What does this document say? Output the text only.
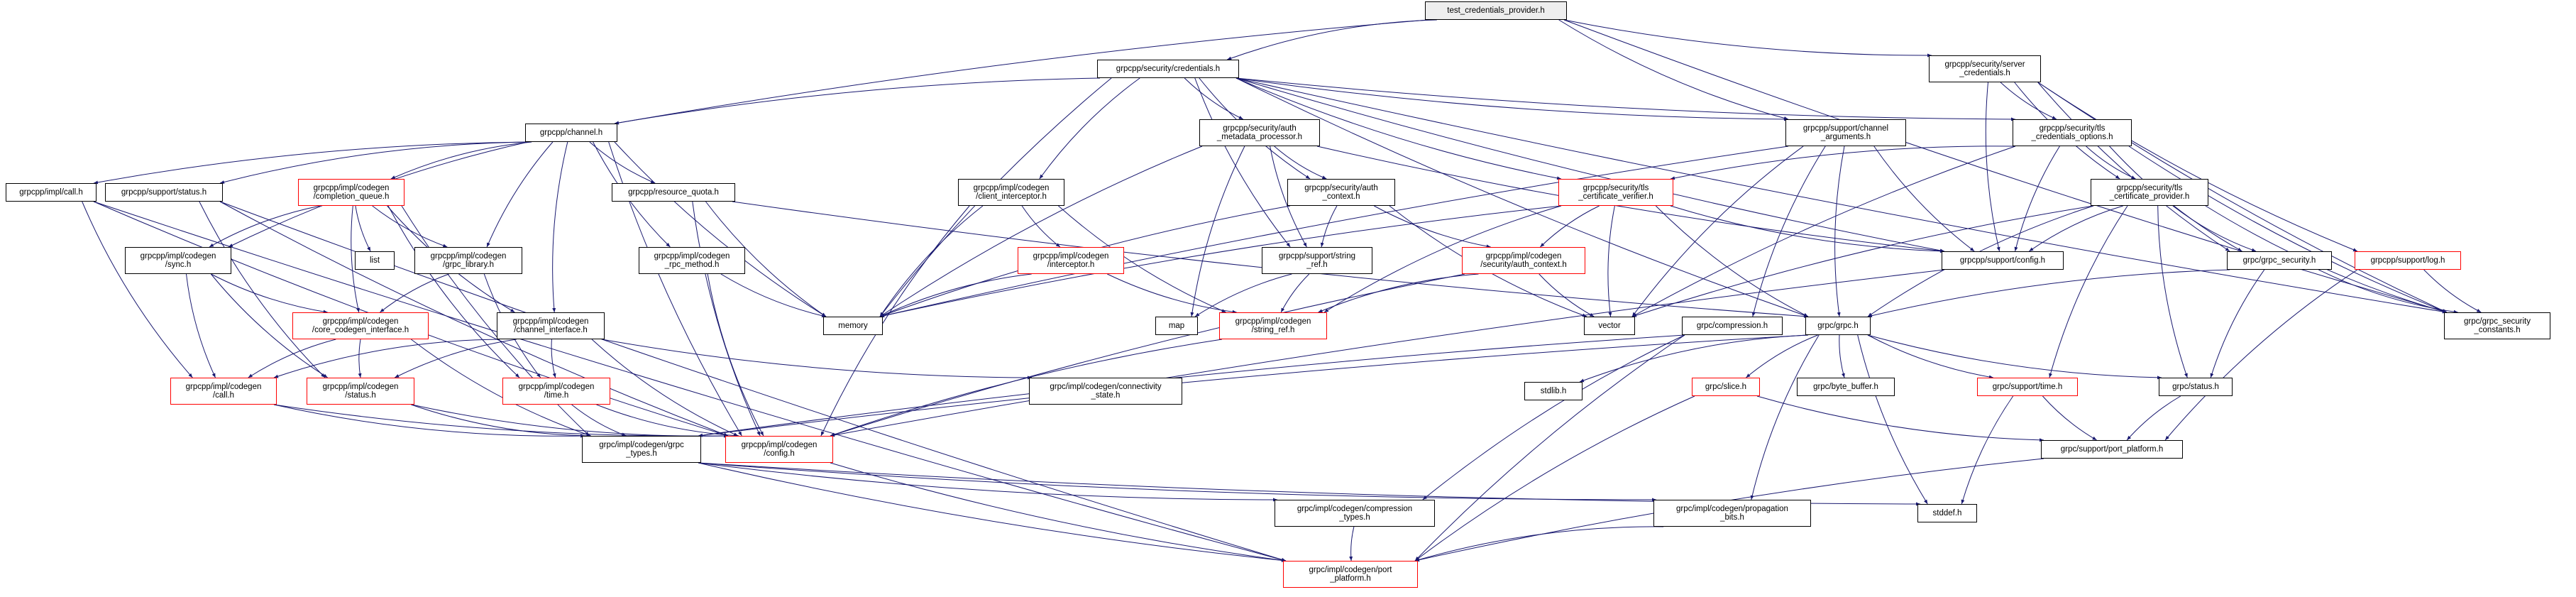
test_credentials_provider.h
grpcpp/security/credentials.h
grpcpp/security/server
_credentials.h
grpcpp/channel.h
grpcpp/security/auth
_metadata_processor.h
grpcpp/support/channel
_arguments.h
grpcpp/security/tls
_credentials_options.h
grpcpp/impl/call.h	grpcpp/support/status.h
grpcpp/impl/codegen
/completion_queue.h
grpcpp/resource_quota.h
grpcpp/impl/codegen
/client_interceptor.h
grpcpp/security/auth
_context.h
grpcpp/security/tls
_certificate_verifier.h
grpcpp/security/tls
_certificate_provider.h
grpcpp/impl/codegen
/sync.h
list
grpcpp/impl/codegen
/grpc_library.h
grpcpp/impl/codegen
_rpc_method.h
grpcpp/impl/codegen
/interceptor.h
grpcpp/support/string
_ref.h
grpcpp/impl/codegen
/security/auth_context.h
grpcpp/support/config.h	grpc/grpc_security.h	grpcpp/support/log.h
grpcpp/impl/codegen
/core_codegen_interface.h
grpcpp/impl/codegen
/channel_interface.h
memory	map
grpcpp/impl/codegen
/string_ref.h
vector	grpc/compression.h	grpc/grpc.h
grpc/grpc_security
_constants.h
grpcpp/impl/codegen
/call.h
grpcpp/impl/codegen
/status.h
grpcpp/impl/codegen
/time.h
grpc/impl/codegen/connectivity
_state.h
stdlib.h	grpc/slice.h	grpc/byte_buffer.h	grpc/support/time.h	grpc/status.h
grpc/impl/codegen/grpc
_types.h
grpcpp/impl/codegen
/config.h
grpc/support/port_platform.h
grpc/impl/codegen/compression
_types.h
grpc/impl/codegen/propagation
_bits.h
stddef.h
grpc/impl/codegen/port
_platform.h
